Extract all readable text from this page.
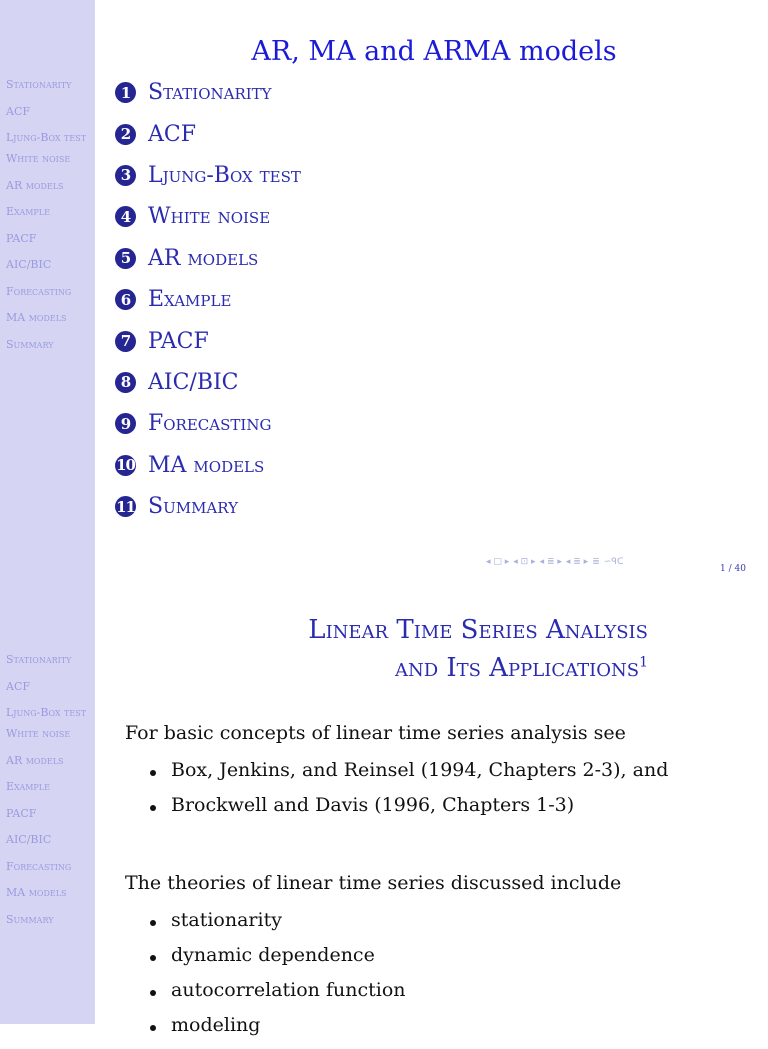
Stationarity
ACF
Ljung-Box test
White noise
AR models
Example
PACF
AIC/BIC
Forecasting
MA models
Summary
AR, MA and ARMA models
1 Stationarity
2 ACF
3 Ljung-Box test
4 White noise
5 AR models
6 Example
7 PACF
8 AIC/BIC
9 Forecasting
10 MA models
11 Summary
◂ □ ▸ ◂ ⊡ ▸ ◂ ≣ ▸ ◂ ≣ ▸ ≣ ∽ᑫᑕ
1 / 40
Stationarity
ACF
Ljung-Box test
White noise
AR models
Example
PACF
AIC/BIC
Forecasting
MA models
Summary
Linear Time Series Analysis
and Its Applications$^1$

For basic concepts of linear time series analysis see

Box, Jenkins, and Reinsel (1994, Chapters 2-3), and
Brockwell and Davis (1996, Chapters 1-3)

The theories of linear time series discussed include

stationarity
dynamic dependence
autocorrelation function
modeling
